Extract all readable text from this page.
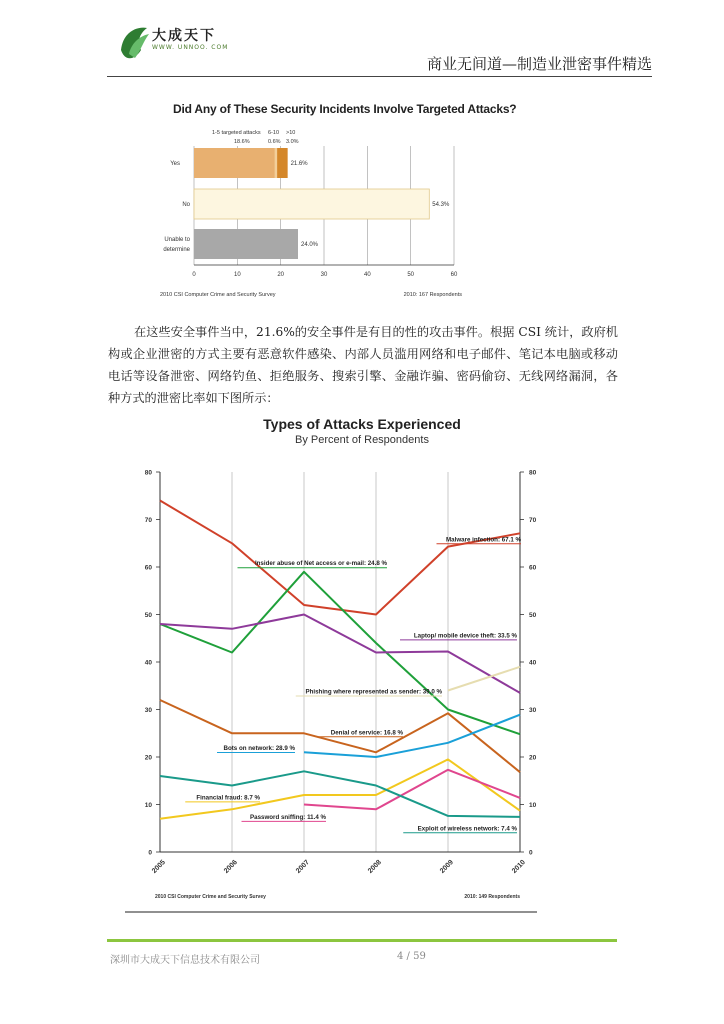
大成天下
WWW. UNNOO. COM
商业无间道—制造业泄密事件精选
Did Any of These Security Incidents Involve Targeted Attacks?
0	10	20	30	40	50	60
1-5 targeted attacks 6-10 >10
18.6%	0.6% 3.0%
21.6%
54.3%
24.0%
Yes
No
Unable to
determine
2010 CSI Computer Crime and Security Survey	2010: 167 Respondents
在这些安全事件当中，21.6%的安全事件是有目的性的攻击事件。根据 CSI 统计，政府机构或企业泄密的方式主要有恶意软件感染、内部人员滥用网络和电子邮件、笔记本电脑或移动电话等设备泄密、网络钓鱼、拒绝服务、搜索引擎、金融诈骗、密码偷窃、无线网络漏洞，各种方式的泄密比率如下图所示：
Types of Attacks Experienced
By Percent of Respondents
2005	2006	2007	2008	2009	2010
0	0
10	10
20	20
30	30
40	40
50	50
60	60
70	70
80	80
Malware infection: 67.1 %
Insider abuse of Net access or e-mail: 24.8 %
Laptop/ mobile device theft: 33.5 %
Phishing where represented as sender: 39.0 %
Denial of service: 16.8 %
Bots on network: 28.9 %
Financial fraud: 8.7 %
Password sniffing: 11.4 %
Exploit of wireless network: 7.4 %
2010 CSI Computer Crime and Security Survey	2010: 149 Respondents
深圳市大成天下信息技术有限公司	4 / 59
